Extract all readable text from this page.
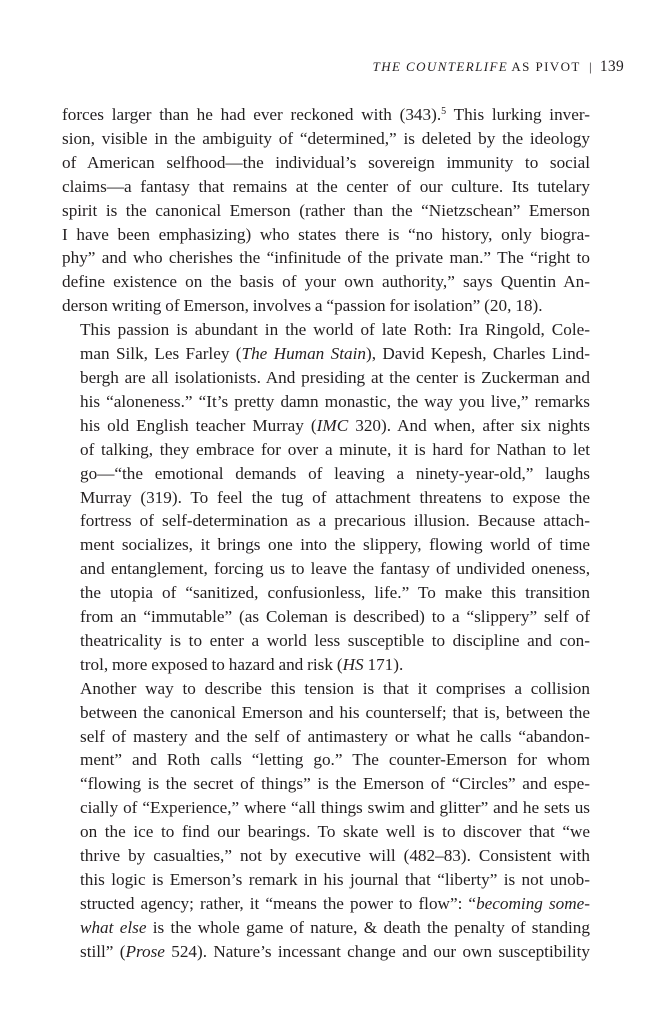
THE COUNTERLIFE AS PIVOT | 139

forces larger than he had ever reckoned with (343).$^5$ This lurking inver-
sion, visible in the ambiguity of “determined,” is deleted by the ideology
of American selfhood—the individual’s sovereign immunity to social
claims—a fantasy that remains at the center of our culture. Its tutelary
spirit is the canonical Emerson (rather than the “Nietzschean” Emerson
I have been emphasizing) who states there is “no history, only biogra-
phy” and who cherishes the “infinitude of the private man.” The “right to
define existence on the basis of your own authority,” says Quentin An-
derson writing of Emerson, involves a “passion for isolation” (20, 18).

This passion is abundant in the world of late Roth: Ira Ringold, Cole-
man Silk, Les Farley (The Human Stain), David Kepesh, Charles Lind-
bergh are all isolationists. And presiding at the center is Zuckerman and
his “aloneness.” “It’s pretty damn monastic, the way you live,” remarks
his old English teacher Murray (IMC 320). And when, after six nights
of talking, they embrace for over a minute, it is hard for Nathan to let
go—“the emotional demands of leaving a ninety-year-old,” laughs
Murray (319). To feel the tug of attachment threatens to expose the
fortress of self-determination as a precarious illusion. Because attach-
ment socializes, it brings one into the slippery, flowing world of time
and entanglement, forcing us to leave the fantasy of undivided oneness,
the utopia of “sanitized, confusionless, life.” To make this transition
from an “immutable” (as Coleman is described) to a “slippery” self of
theatricality is to enter a world less susceptible to discipline and con-
trol, more exposed to hazard and risk (HS 171).

Another way to describe this tension is that it comprises a collision
between the canonical Emerson and his counterself; that is, between the
self of mastery and the self of antimastery or what he calls “abandon-
ment” and Roth calls “letting go.” The counter-Emerson for whom
“flowing is the secret of things” is the Emerson of “Circles” and espe-
cially of “Experience,” where “all things swim and glitter” and he sets us
on the ice to find our bearings. To skate well is to discover that “we
thrive by casualties,” not by executive will (482–83). Consistent with
this logic is Emerson’s remark in his journal that “liberty” is not unob-
structed agency; rather, it “means the power to flow”: “becoming some-
what else is the whole game of nature, & death the penalty of standing
still” (Prose 524). Nature’s incessant change and our own susceptibility
